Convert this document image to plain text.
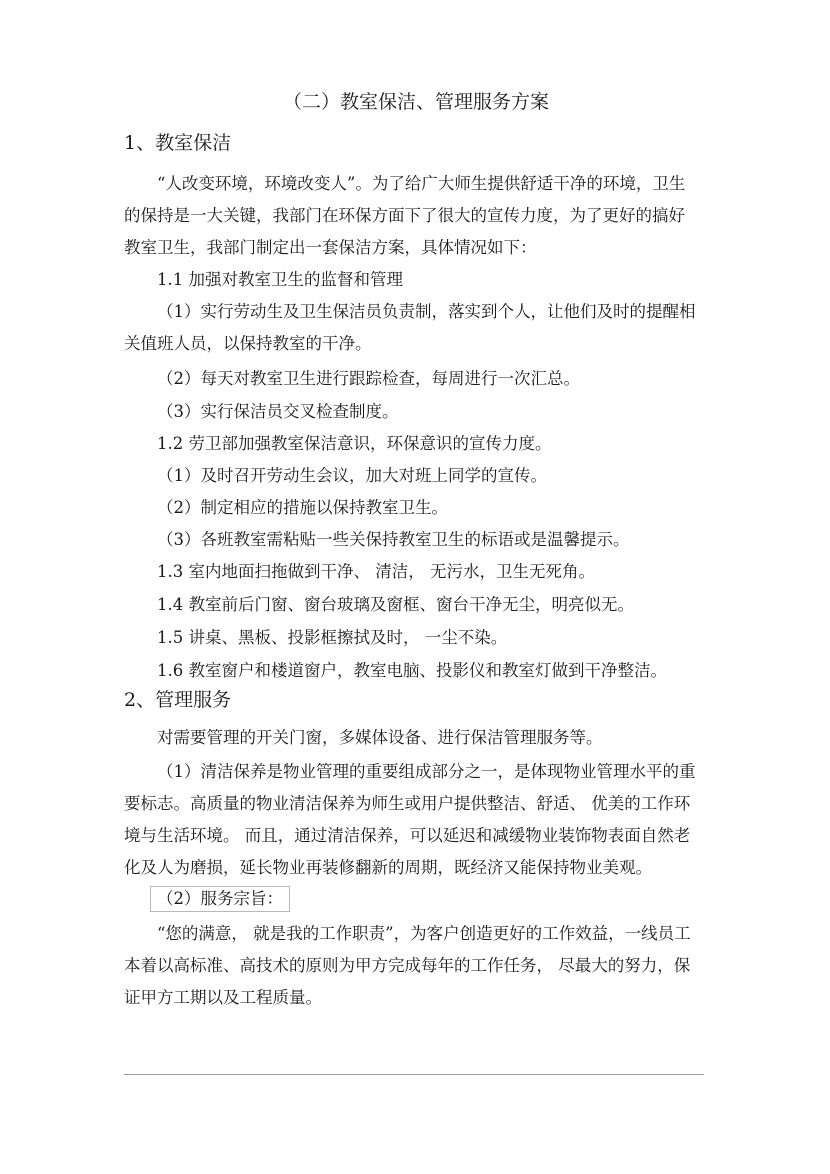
（二）教室保洁、管理服务方案
1、教室保洁
“人改变环境，环境改变人”。为了给广大师生提供舒适干净的环境，卫生
的保持是一大关键，我部门在环保方面下了很大的宣传力度，为了更好的搞好
教室卫生，我部门制定出一套保洁方案，具体情况如下：
1.1 加强对教室卫生的监督和管理
（1）实行劳动生及卫生保洁员负责制，落实到个人，让他们及时的提醒相
关值班人员，以保持教室的干净。
（2）每天对教室卫生进行跟踪检查，每周进行一次汇总。
（3）实行保洁员交叉检查制度。
1.2 劳卫部加强教室保洁意识，环保意识的宣传力度。
（1）及时召开劳动生会议，加大对班上同学的宣传。
（2）制定相应的措施以保持教室卫生。
（3）各班教室需粘贴一些关保持教室卫生的标语或是温馨提示。
1.3 室内地面扫拖做到干净、 清洁， 无污水，卫生无死角。
1.4 教室前后门窗、窗台玻璃及窗框、窗台干净无尘，明亮似无。
1.5 讲桌、黑板、投影框擦拭及时， 一尘不染。
1.6 教室窗户和楼道窗户，教室电脑、投影仪和教室灯做到干净整洁。
2、管理服务
对需要管理的开关门窗，多媒体设备、进行保洁管理服务等。
（1）清洁保养是物业管理的重要组成部分之一，是体现物业管理水平的重
要标志。高质量的物业清洁保养为师生或用户提供整洁、舒适、 优美的工作环
境与生活环境。 而且，通过清洁保养，可以延迟和减缓物业装饰物表面自然老
化及人为磨损，延长物业再装修翻新的周期，既经济又能保持物业美观。
（2）服务宗旨：
“您的满意， 就是我的工作职责”，为客户创造更好的工作效益，一线员工
本着以高标准、高技术的原则为甲方完成每年的工作任务， 尽最大的努力，保
证甲方工期以及工程质量。
